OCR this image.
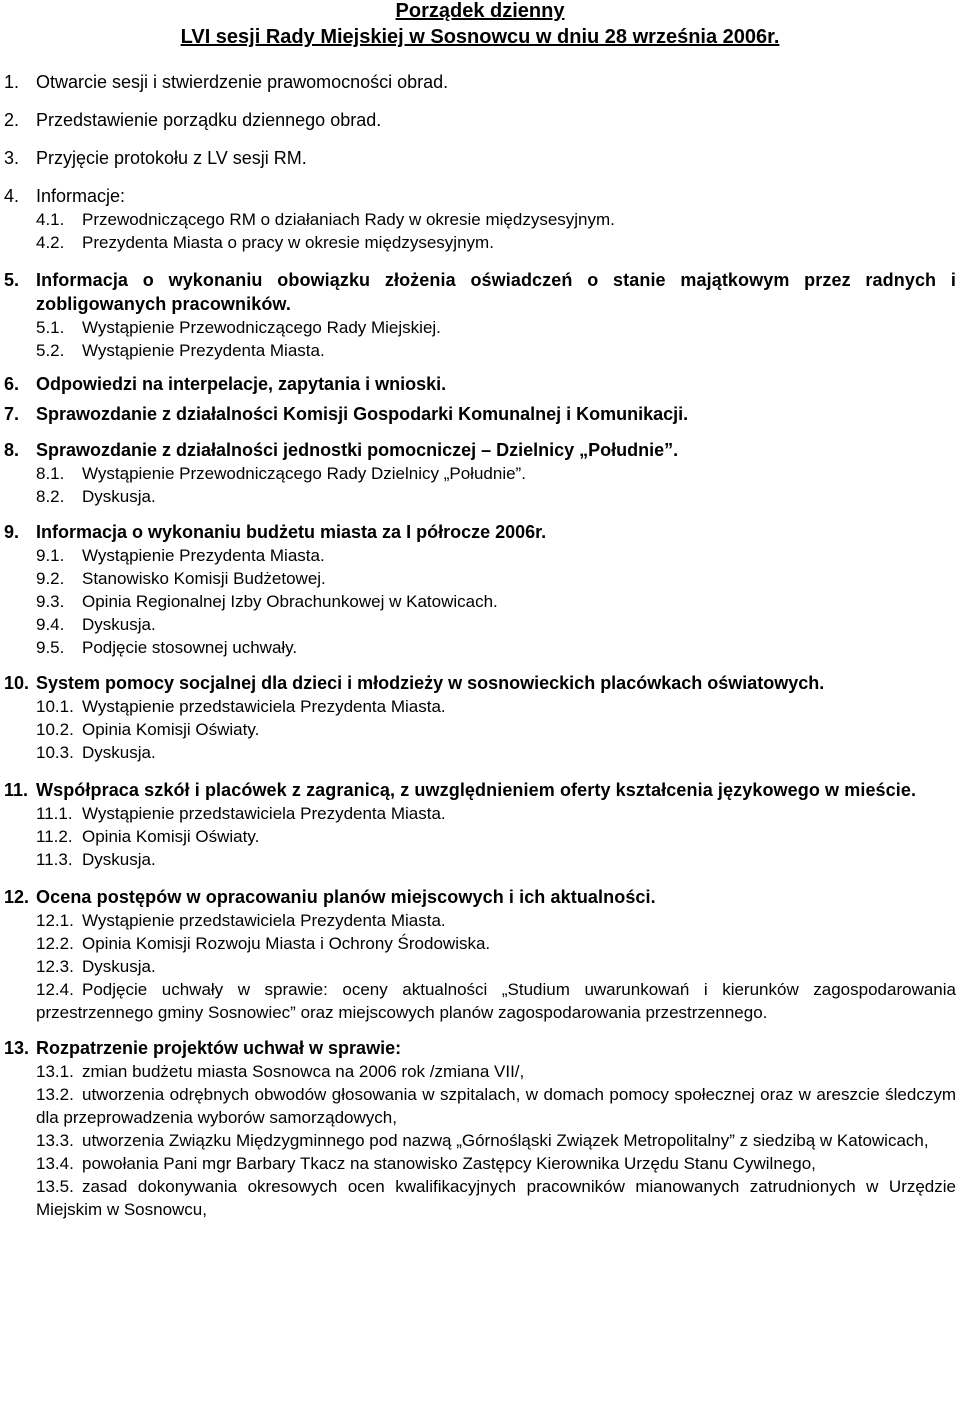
Porządek dzienny
LVI sesji Rady Miejskiej w Sosnowcu w dniu 28 września 2006r.
1. Otwarcie sesji i stwierdzenie prawomocności obrad.
2. Przedstawienie porządku dziennego obrad.
3. Przyjęcie protokołu z LV sesji RM.
4. Informacje:
4.1. Przewodniczącego RM o działaniach Rady w okresie międzysesyjnym.
4.2. Prezydenta Miasta o pracy w okresie międzysesyjnym.
5. Informacja o wykonaniu obowiązku złożenia oświadczeń o stanie majątkowym przez radnych i zobligowanych pracowników.
5.1. Wystąpienie Przewodniczącego Rady Miejskiej.
5.2. Wystąpienie Prezydenta Miasta.
6. Odpowiedzi na interpelacje, zapytania i wnioski.
7. Sprawozdanie z działalności Komisji Gospodarki Komunalnej i Komunikacji.
8. Sprawozdanie z działalności jednostki pomocniczej – Dzielnicy „Południe”.
8.1. Wystąpienie Przewodniczącego Rady Dzielnicy „Południe”.
8.2. Dyskusja.
9. Informacja o wykonaniu budżetu miasta za I półrocze 2006r.
9.1. Wystąpienie Prezydenta Miasta.
9.2. Stanowisko Komisji Budżetowej.
9.3. Opinia Regionalnej Izby Obrachunkowej w Katowicach.
9.4. Dyskusja.
9.5. Podjęcie stosownej uchwały.
10. System pomocy socjalnej dla dzieci i młodzieży w sosnowieckich placówkach oświatowych.
10.1. Wystąpienie przedstawiciela Prezydenta Miasta.
10.2. Opinia Komisji Oświaty.
10.3. Dyskusja.
11. Współpraca szkół i placówek z zagranicą, z uwzględnieniem oferty kształcenia językowego w mieście.
11.1. Wystąpienie przedstawiciela Prezydenta Miasta.
11.2. Opinia Komisji Oświaty.
11.3. Dyskusja.
12. Ocena postępów w opracowaniu planów miejscowych i ich aktualności.
12.1. Wystąpienie przedstawiciela Prezydenta Miasta.
12.2. Opinia Komisji Rozwoju Miasta i Ochrony Środowiska.
12.3. Dyskusja.
12.4. Podjęcie uchwały w sprawie: oceny aktualności „Studium uwarunkowań i kierunków zagospodarowania przestrzennego gminy Sosnowiec” oraz miejscowych planów zagospodarowania przestrzennego.
13. Rozpatrzenie projektów uchwał w sprawie:
13.1. zmian budżetu miasta Sosnowca na 2006 rok /zmiana VII/,
13.2. utworzenia odrębnych obwodów głosowania w szpitalach, w domach pomocy społecznej oraz w areszcie śledczym dla przeprowadzenia wyborów samorządowych,
13.3. utworzenia Związku Międzygminnego pod nazwą „Górnośląski Związek Metropolitalny” z siedzibą w Katowicach,
13.4. powołania Pani mgr Barbary Tkacz na stanowisko Zastępcy Kierownika Urzędu Stanu Cywilnego,
13.5. zasad dokonywania okresowych ocen kwalifikacyjnych pracowników mianowanych zatrudnionych w Urzędzie Miejskim w Sosnowcu,
